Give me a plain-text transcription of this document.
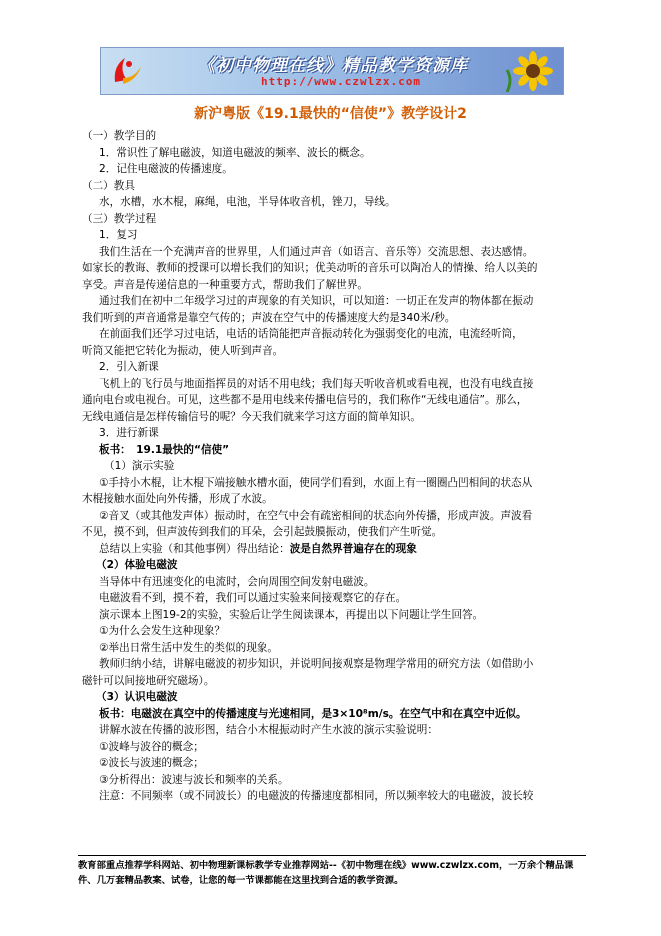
《初中物理在线》精品教学资源库
http://www.czwlzx.com
新沪粤版《19.1最快的“信使”》教学设计2
（一）教学目的
1．常识性了解电磁波，知道电磁波的频率、波长的概念。
2．记住电磁波的传播速度。
（二）教具
水，水槽，水木棍，麻绳，电池，半导体收音机，锉刀，导线。
（三）教学过程
1．复习
我们生活在一个充满声音的世界里，人们通过声音（如语言、音乐等）交流思想、表达感情。
如家长的教诲、教师的授课可以增长我们的知识；优美动听的音乐可以陶冶人的情操、给人以美的
享受。声音是传递信息的一种重要方式，帮助我们了解世界。
通过我们在初中二年级学习过的声现象的有关知识，可以知道：一切正在发声的物体都在振动
我们听到的声音通常是靠空气传的；声波在空气中的传播速度大约是340米/秒。
在前面我们还学习过电话，电话的话筒能把声音振动转化为强弱变化的电流，电流经听筒，
听筒又能把它转化为振动，使人听到声音。
2．引入新课
飞机上的飞行员与地面指挥员的对话不用电线；我们每天听收音机或看电视，也没有电线直接
通向电台或电视台。可见，这些都不是用电线来传播电信号的，我们称作“无线电通信”。那么，
无线电通信是怎样传输信号的呢？今天我们就来学习这方面的简单知识。
3．进行新课
板书：　19.1最快的“信使”
（1）演示实验
①手持小木棍，让木棍下端接触水槽水面，使同学们看到，水面上有一圈圈凸凹相间的状态从
木棍接触水面处向外传播，形成了水波。
②音叉（或其他发声体）振动时，在空气中会有疏密相间的状态向外传播，形成声波。声波看
不见，摸不到，但声波传到我们的耳朵，会引起鼓膜振动，使我们产生听觉。
总结以上实验（和其他事例）得出结论：波是自然界普遍存在的现象
（2）体验电磁波
当导体中有迅速变化的电流时，会向周围空间发射电磁波。
电磁波看不到，摸不着，我们可以通过实验来间接观察它的存在。
演示课本上图19-2的实验，实验后让学生阅读课本，再提出以下问题让学生回答。
①为什么会发生这种现象？
②举出日常生活中发生的类似的现象。
教师归纳小结，讲解电磁波的初步知识，并说明间接观察是物理学常用的研究方法（如借助小
磁针可以间接地研究磁场）。
（3）认识电磁波
板书：电磁波在真空中的传播速度与光速相同，是3×10⁸m/s。在空气中和在真空中近似。
讲解水波在传播的波形图，结合小木棍振动时产生水波的演示实验说明：
①波峰与波谷的概念；
②波长与波速的概念；
③分析得出：波速与波长和频率的关系。
注意：不同频率（或不同波长）的电磁波的传播速度都相同，所以频率较大的电磁波，波长较
教育部重点推荐学科网站、初中物理新课标教学专业推荐网站--《初中物理在线》www.czwlzx.com，一万余个精品课
件、几万套精品教案、试卷，让您的每一节课都能在这里找到合适的教学资源。
